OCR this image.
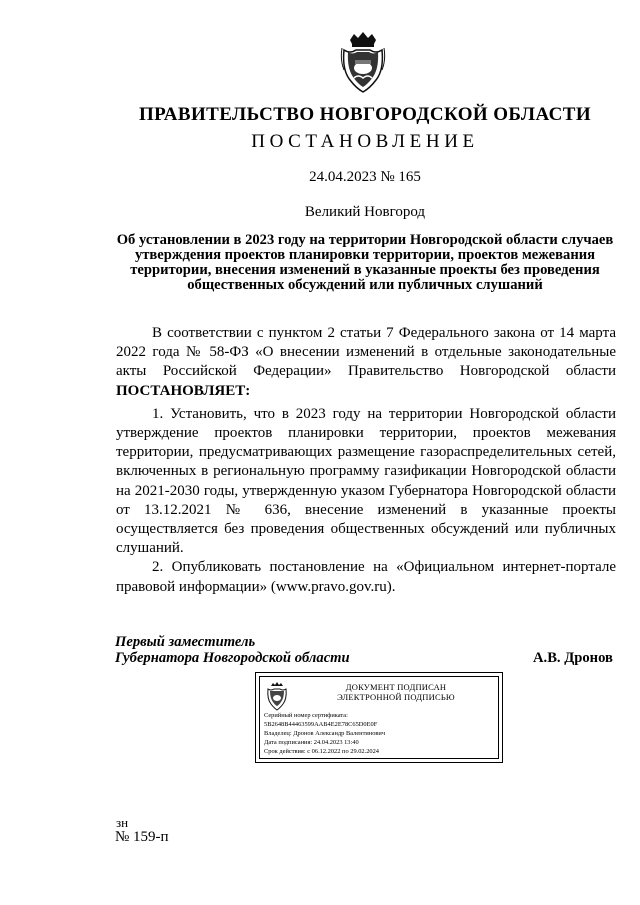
ПРАВИТЕЛЬСТВО НОВГОРОДСКОЙ ОБЛАСТИ
ПОСТАНОВЛЕНИЕ
24.04.2023 № 165
Великий Новгород
Об установлении в 2023 году на территории Новгородской области случаев утверждения проектов планировки территории, проектов межевания территории, внесения изменений в указанные проекты без проведения общественных обсуждений или публичных слушаний

В соответствии с пунктом 2 статьи 7 Федерального закона от 14 марта 2022 года № 58-ФЗ «О внесении изменений в отдельные законодательные акты Российской Федерации» Правительство Новгородской области ПОСТАНОВЛЯЕТ:

1. Установить, что в 2023 году на территории Новгородской области утверждение проектов планировки территории, проектов межевания территории, предусматривающих размещение газораспределительных сетей, включенных в региональную программу газификации Новгородской области на 2021-2030 годы, утвержденную указом Губернатора Новгородской области от 13.12.2021 № 636, внесение изменений в указанные проекты осуществляется без проведения общественных обсуждений или публичных слушаний.

2. Опубликовать постановление на «Официальном интернет-портале правовой информации» (www.pravo.gov.ru).

Первый заместитель
Губернатора Новгородской области	А.В. Дронов
ДОКУМЕНТ ПОДПИСАН
ЭЛЕКТРОННОЙ ПОДПИСЬЮ
Серийный номер сертификата:
5B2648B44463599AAB4E2E78C65D0E0F
Владелец: Дронов Александр Валентинович
Дата подписания: 24.04.2023 13:40
Срок действия: с 06.12.2022 по 29.02.2024
зн
№ 159-п
